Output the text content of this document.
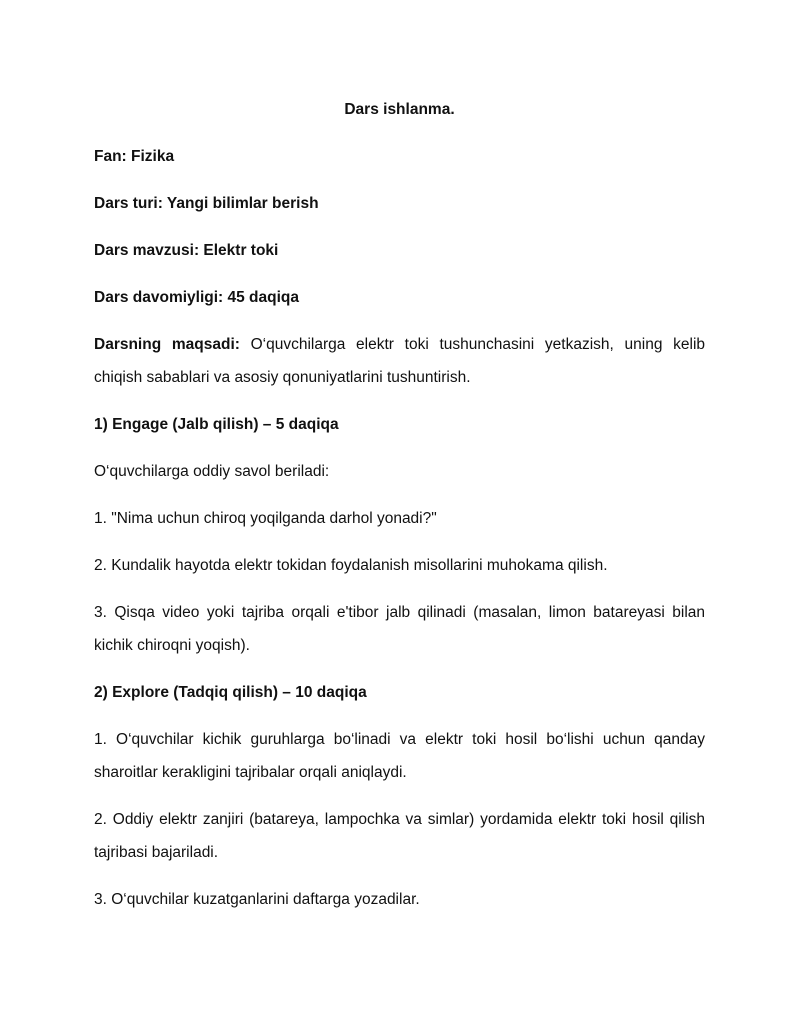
Dars ishlanma.

Fan: Fizika

Dars turi: Yangi bilimlar berish

Dars mavzusi: Elektr toki

Dars davomiyligi: 45 daqiqa

Darsning maqsadi: O‘quvchilarga elektr toki tushunchasini yetkazish, uning kelib chiqish sabablari va asosiy qonuniyatlarini tushuntirish.

1) Engage (Jalb qilish) – 5 daqiqa

O‘quvchilarga oddiy savol beriladi:

1. "Nima uchun chiroq yoqilganda darhol yonadi?"

2. Kundalik hayotda elektr tokidan foydalanish misollarini muhokama qilish.

3. Qisqa video yoki tajriba orqali e'tibor jalb qilinadi (masalan, limon batareyasi bilan kichik chiroqni yoqish).

2) Explore (Tadqiq qilish) – 10 daqiqa

1. O‘quvchilar kichik guruhlarga bo‘linadi va elektr toki hosil bo‘lishi uchun qanday sharoitlar kerakligini tajribalar orqali aniqlaydi.

2. Oddiy elektr zanjiri (batareya, lampochka va simlar) yordamida elektr toki hosil qilish tajribasi bajariladi.

3. O‘quvchilar kuzatganlarini daftarga yozadilar.
